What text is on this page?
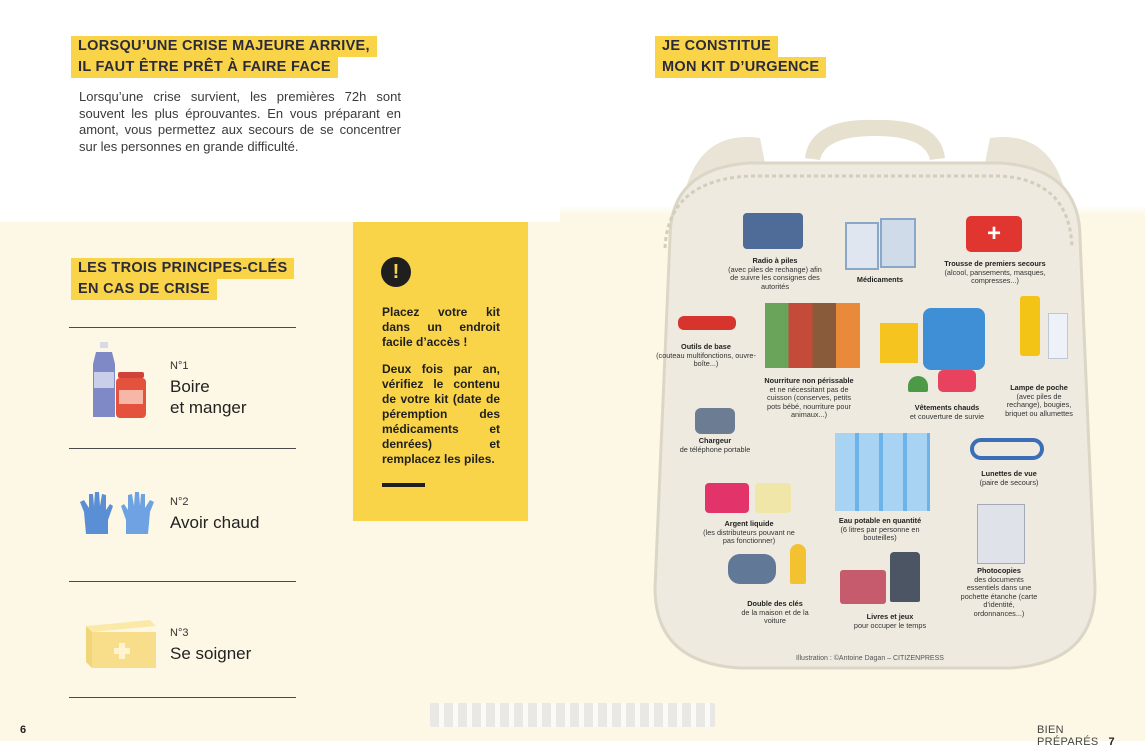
LORSQU’UNE CRISE MAJEURE ARRIVE,
IL FAUT ÊTRE PRÊT À FAIRE FACE
Lorsqu’une crise survient, les premières 72h sont souvent les plus éprouvantes. En vous préparant en amont, vous permettez aux secours de se concentrer sur les personnes en grande difficulté.
LES TROIS PRINCIPES-CLÉS
EN CAS DE CRISE
N°1
Boire
et manger
N°2
Avoir chaud
N°3
Se soigner
!
Placez votre kit dans un endroit facile d’accès !
Deux fois par an, vérifiez le contenu de votre kit (date de péremption des médicaments et denrées) et remplacez les piles.
JE CONSTITUE
MON KIT D’URGENCE
+
Radio à piles
(avec piles de rechange) afin de suivre les consignes des autorités
Médicaments
Trousse de premiers secours
(alcool, pansements, masques, compresses...)
Outils de base
(couteau multifonctions, ouvre-boîte...)
Nourriture non périssable
et ne nécessitant pas de cuisson (conserves, petits pots bébé, nourriture pour animaux...)
Vêtements chauds
et couverture de survie
Lampe de poche
(avec piles de rechange), bougies, briquet ou allumettes
Chargeur
de téléphone portable
Lunettes de vue
(paire de secours)
Argent liquide
(les distributeurs pouvant ne pas fonctionner)
Eau potable en quantité
(6 litres par personne en bouteilles)
Photocopies
des documents essentiels dans une pochette étanche (carte d’identité, ordonnances...)
Double des clés
de la maison et de la voiture	Livres et jeux
pour occuper le temps
Illustration : ©Antoine Dagan – CITIZENPRESS
6	BIEN PRÉPARÉS 7
